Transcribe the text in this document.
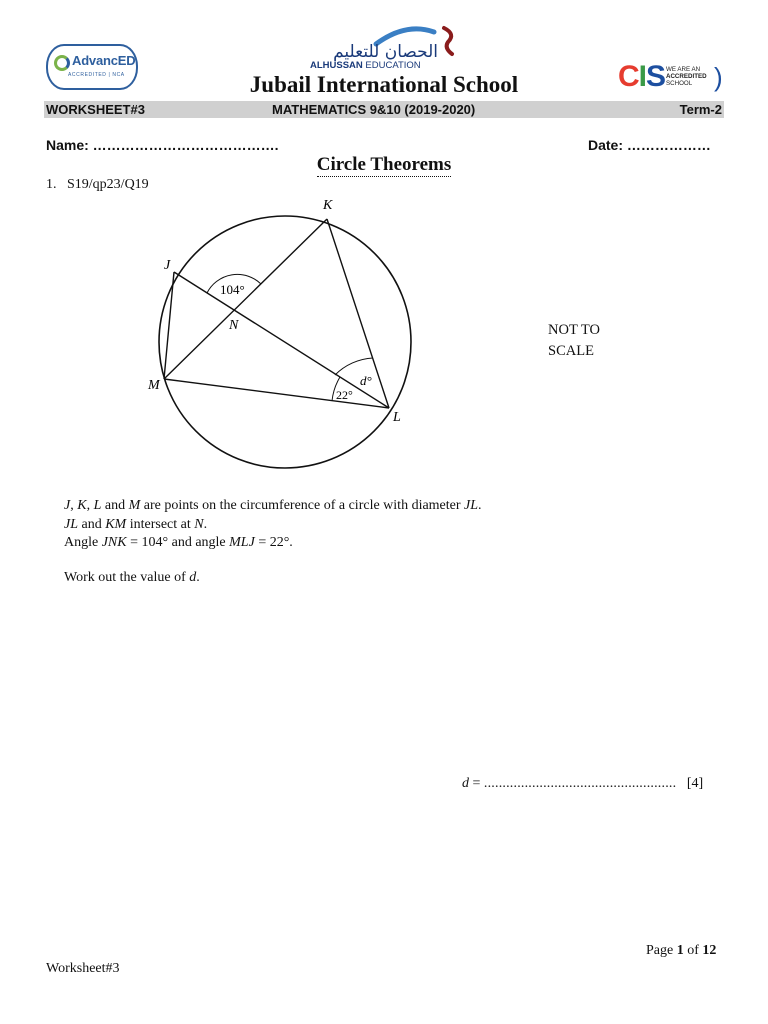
AdvancED
ACCREDITED | NCA
الحصان للتعليم
ALHUSSAN EDUCATION
Jubail International School	CIS WE ARE AN
ACCREDITED
SCHOOL )
WORKSHEET#3	MATHEMATICS 9&10 (2019-2020)	Term-2
Name: ………………………………….	Date: ………………
Circle Theorems
1. S19/qp23/Q19
K
J
M
L
N
104°
d°
22°
NOT TO
SCALE
J, K, L and M are points on the circumference of a circle with diameter JL.
JL and KM intersect at N.
Angle JNK = 104° and angle MLJ = 22°.
Work out the value of d.
d = .................................................... [4]
Page 1 of 12
Worksheet#3
